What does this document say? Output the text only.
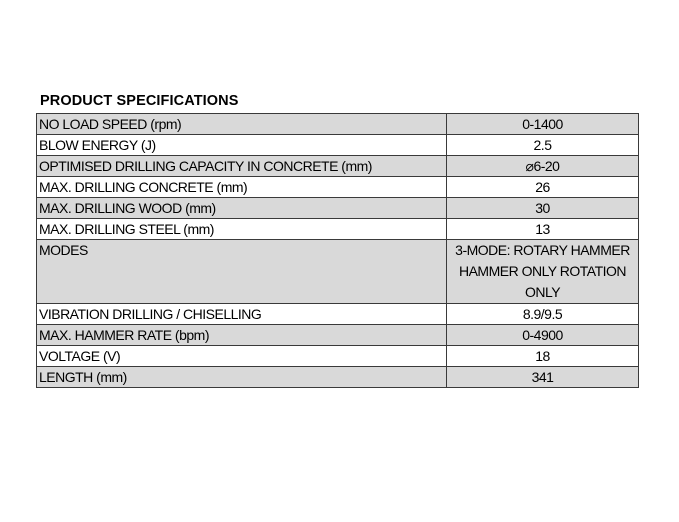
PRODUCT SPECIFICATIONS
NO LOAD SPEED (rpm)	0-1400
BLOW ENERGY (J)	2.5
OPTIMISED DRILLING CAPACITY IN CONCRETE (mm)	⌀6-20
MAX. DRILLING CONCRETE (mm)	26
MAX. DRILLING WOOD (mm)	30
MAX. DRILLING STEEL (mm)	13
MODES	3-MODE: ROTARY HAMMER HAMMER ONLY ROTATION ONLY
VIBRATION DRILLING / CHISELLING	8.9/9.5
MAX. HAMMER RATE (bpm)	0-4900
VOLTAGE (V)	18
LENGTH (mm)	341
